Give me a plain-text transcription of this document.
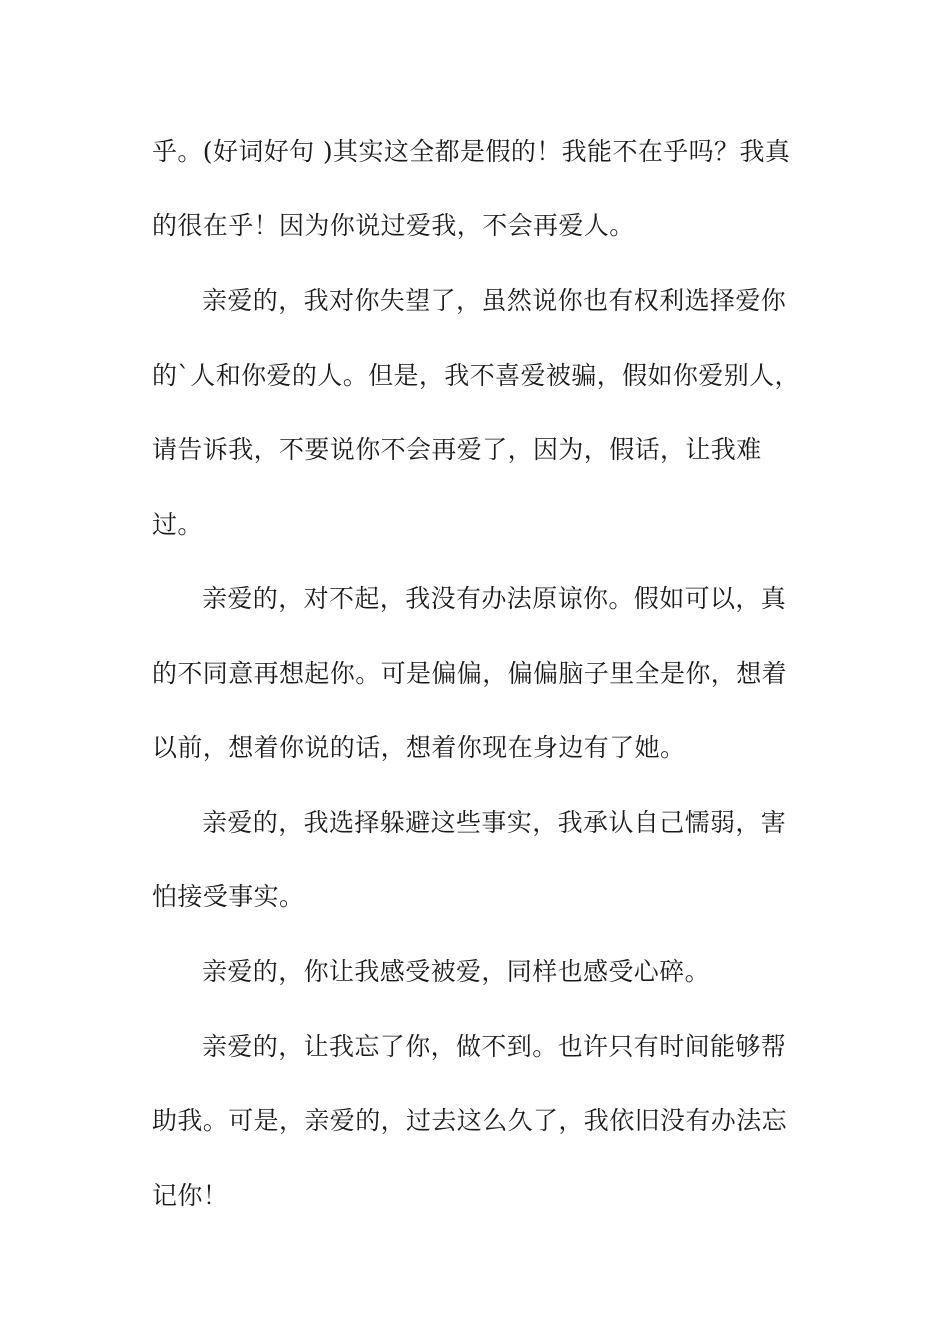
乎。(好词好句 )其实这全都是假的！我能不在乎吗？我真
的很在乎！因为你说过爱我，不会再爱人。
亲爱的，我对你失望了，虽然说你也有权利选择爱你
的`人和你爱的人。但是，我不喜爱被骗，假如你爱别人，
请告诉我，不要说你不会再爱了，因为，假话，让我难
过。
亲爱的，对不起，我没有办法原谅你。假如可以，真
的不同意再想起你。可是偏偏，偏偏脑子里全是你，想着
以前，想着你说的话，想着你现在身边有了她。
亲爱的，我选择躲避这些事实，我承认自己懦弱，害
怕接受事实。
亲爱的，你让我感受被爱，同样也感受心碎。
亲爱的，让我忘了你，做不到。也许只有时间能够帮
助我。可是，亲爱的，过去这么久了，我依旧没有办法忘
记你！
